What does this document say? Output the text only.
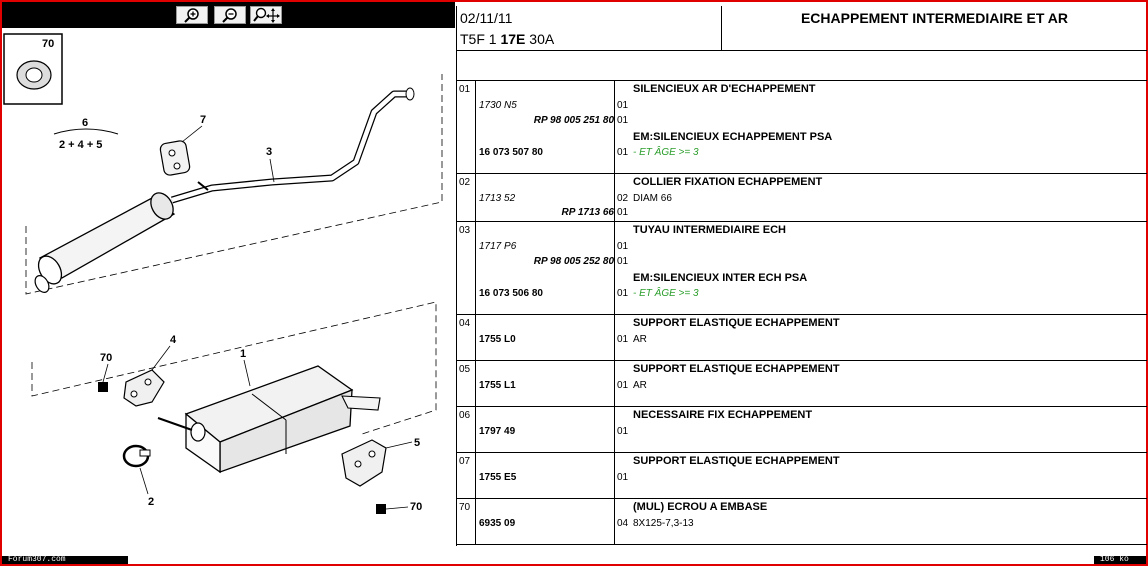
70
6
2 + 4 + 5
3
7
1
4
70
2
5
70
Forum307.com	106 ko
02/11/11
T5F 1 17E 30A
ECHAPPEMENT INTERMEDIAIRE ET AR
01	SILENCIEUX AR D'ECHAPPEMENT
1730 N5	01
RP 98 005 251 80 01
EM:SILENCIEUX ECHAPPEMENT PSA
16 073 507 80	01 - ET ÂGE >= 3
02	COLLIER FIXATION ECHAPPEMENT
1713 52	02 DIAM 66
RP 1713 66 01
03	TUYAU INTERMEDIAIRE ECH
1717 P6	01
RP 98 005 252 80 01
EM:SILENCIEUX INTER ECH PSA
16 073 506 80	01 - ET ÂGE >= 3
04	SUPPORT ELASTIQUE ECHAPPEMENT
1755 L0	01 AR
05	SUPPORT ELASTIQUE ECHAPPEMENT
1755 L1	01 AR
06	NECESSAIRE FIX ECHAPPEMENT
1797 49	01
07	SUPPORT ELASTIQUE ECHAPPEMENT
1755 E5	01
70	(MUL) ECROU A EMBASE
6935 09	04 8X125-7,3-13
